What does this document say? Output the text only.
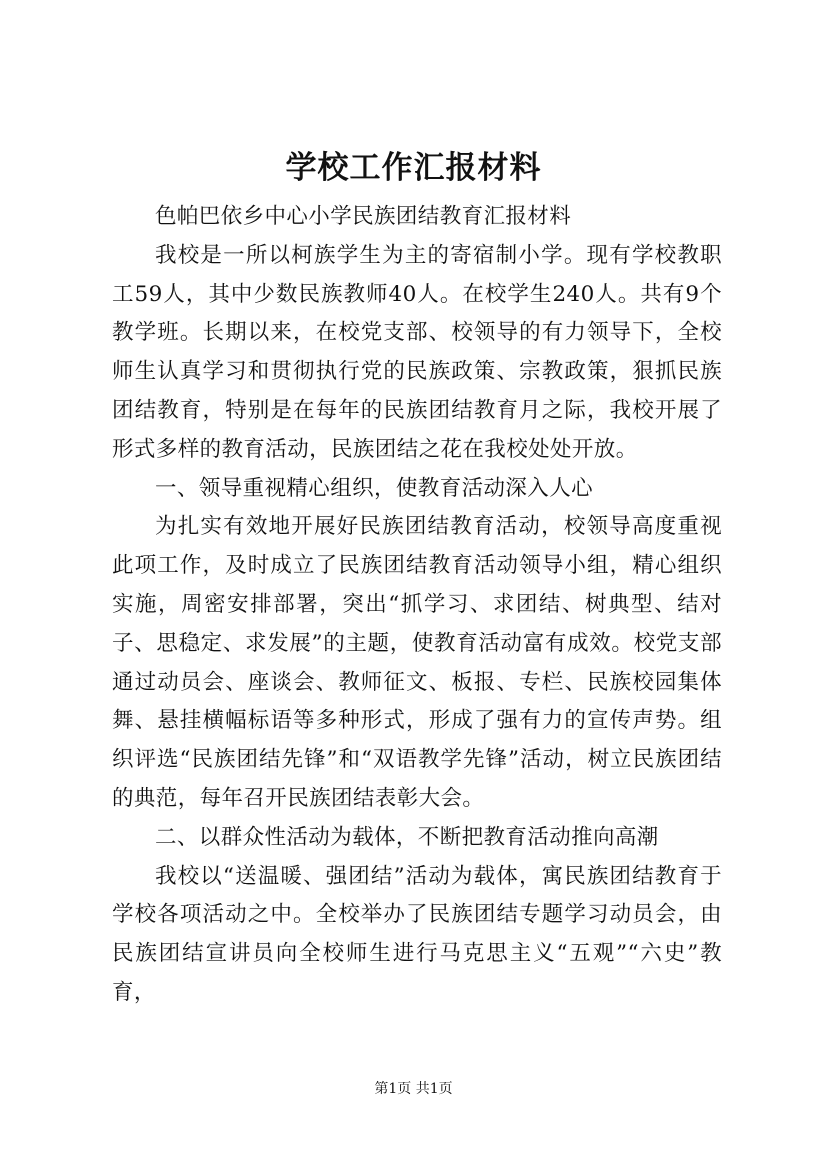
学校工作汇报材料

色帕巴依乡中心小学民族团结教育汇报材料

我校是一所以柯族学生为主的寄宿制小学。现有学校教职工59人，其中少数民族教师40人。在校学生240人。共有9个教学班。长期以来，在校党支部、校领导的有力领导下，全校师生认真学习和贯彻执行党的民族政策、宗教政策，狠抓民族团结教育，特别是在每年的民族团结教育月之际，我校开展了形式多样的教育活动，民族团结之花在我校处处开放。

一、领导重视精心组织，使教育活动深入人心

为扎实有效地开展好民族团结教育活动，校领导高度重视此项工作，及时成立了民族团结教育活动领导小组，精心组织实施，周密安排部署，突出“抓学习、求团结、树典型、结对子、思稳定、求发展”的主题，使教育活动富有成效。校党支部通过动员会、座谈会、教师征文、板报、专栏、民族校园集体舞、悬挂横幅标语等多种形式，形成了强有力的宣传声势。组织评选“民族团结先锋”和“双语教学先锋”活动，树立民族团结的典范，每年召开民族团结表彰大会。

二、以群众性活动为载体，不断把教育活动推向高潮

我校以“送温暖、强团结”活动为载体，寓民族团结教育于学校各项活动之中。全校举办了民族团结专题学习动员会，由民族团结宣讲员向全校师生进行马克思主义“五观”“六史”教育，

第1页 共1页
